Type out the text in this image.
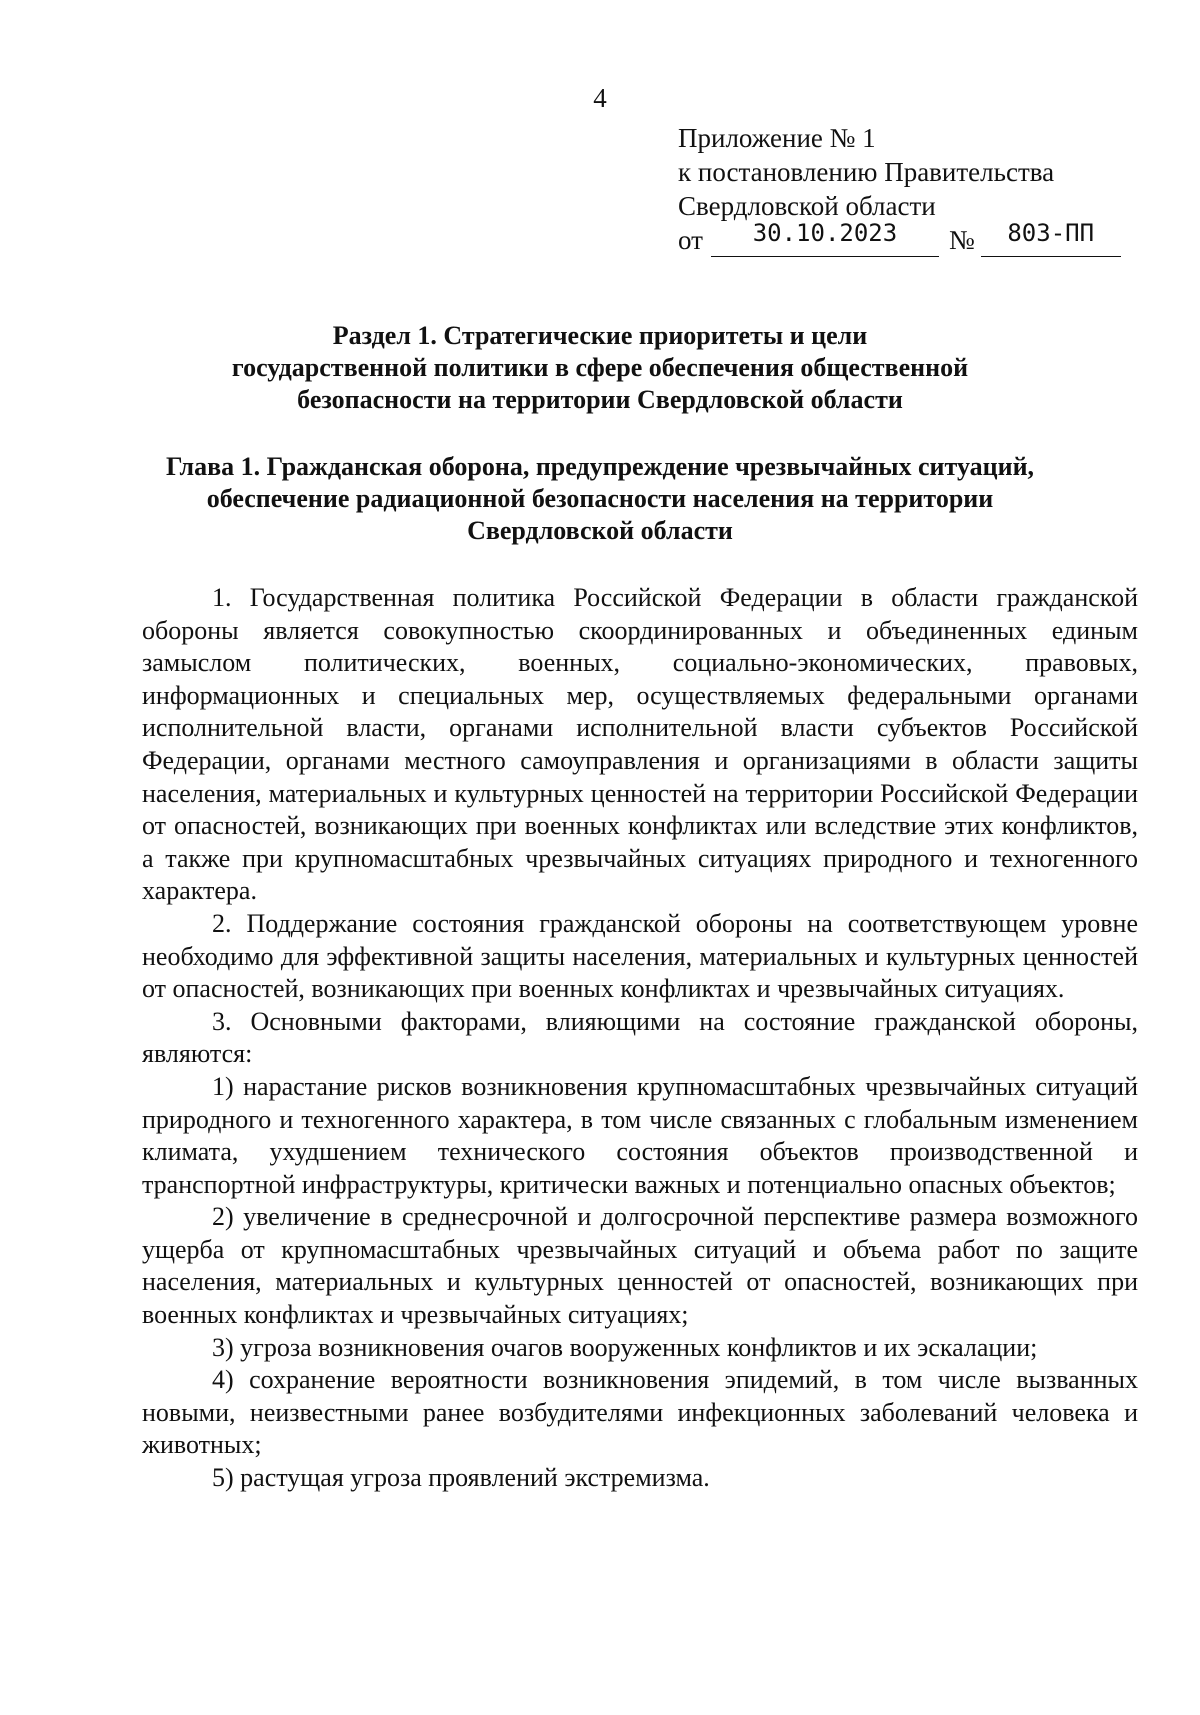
4
Приложение № 1
к постановлению Правительства
Свердловской области
от 30.10.2023 № 803-ПП
Раздел 1. Стратегические приоритеты и цели
государственной политики в сфере обеспечения общественной
безопасности на территории Свердловской области
Глава 1. Гражданская оборона, предупреждение чрезвычайных ситуаций,
обеспечение радиационной безопасности населения на территории
Свердловской области

1. Государственная политика Российской Федерации в области гражданской обороны является совокупностью скоординированных и объединенных единым замыслом политических, военных, социально-экономических, правовых, информационных и специальных мер, осуществляемых федеральными органами исполнительной власти, органами исполнительной власти субъектов Российской Федерации, органами местного самоуправления и организациями в области защиты населения, материальных и культурных ценностей на территории Российской Федерации от опасностей, возникающих при военных конфликтах или вследствие этих конфликтов, а также при крупномасштабных чрезвычайных ситуациях природного и техногенного характера.

2. Поддержание состояния гражданской обороны на соответствующем уровне необходимо для эффективной защиты населения, материальных и культурных ценностей от опасностей, возникающих при военных конфликтах и чрезвычайных ситуациях.

3. Основными факторами, влияющими на состояние гражданской обороны, являются:

1) нарастание рисков возникновения крупномасштабных чрезвычайных ситуаций природного и техногенного характера, в том числе связанных с глобальным изменением климата, ухудшением технического состояния объектов производственной и транспортной инфраструктуры, критически важных и потенциально опасных объектов;

2) увеличение в среднесрочной и долгосрочной перспективе размера возможного ущерба от крупномасштабных чрезвычайных ситуаций и объема работ по защите населения, материальных и культурных ценностей от опасностей, возникающих при военных конфликтах и чрезвычайных ситуациях;

3) угроза возникновения очагов вооруженных конфликтов и их эскалации;

4) сохранение вероятности возникновения эпидемий, в том числе вызванных новыми, неизвестными ранее возбудителями инфекционных заболеваний человека и животных;

5) растущая угроза проявлений экстремизма.
